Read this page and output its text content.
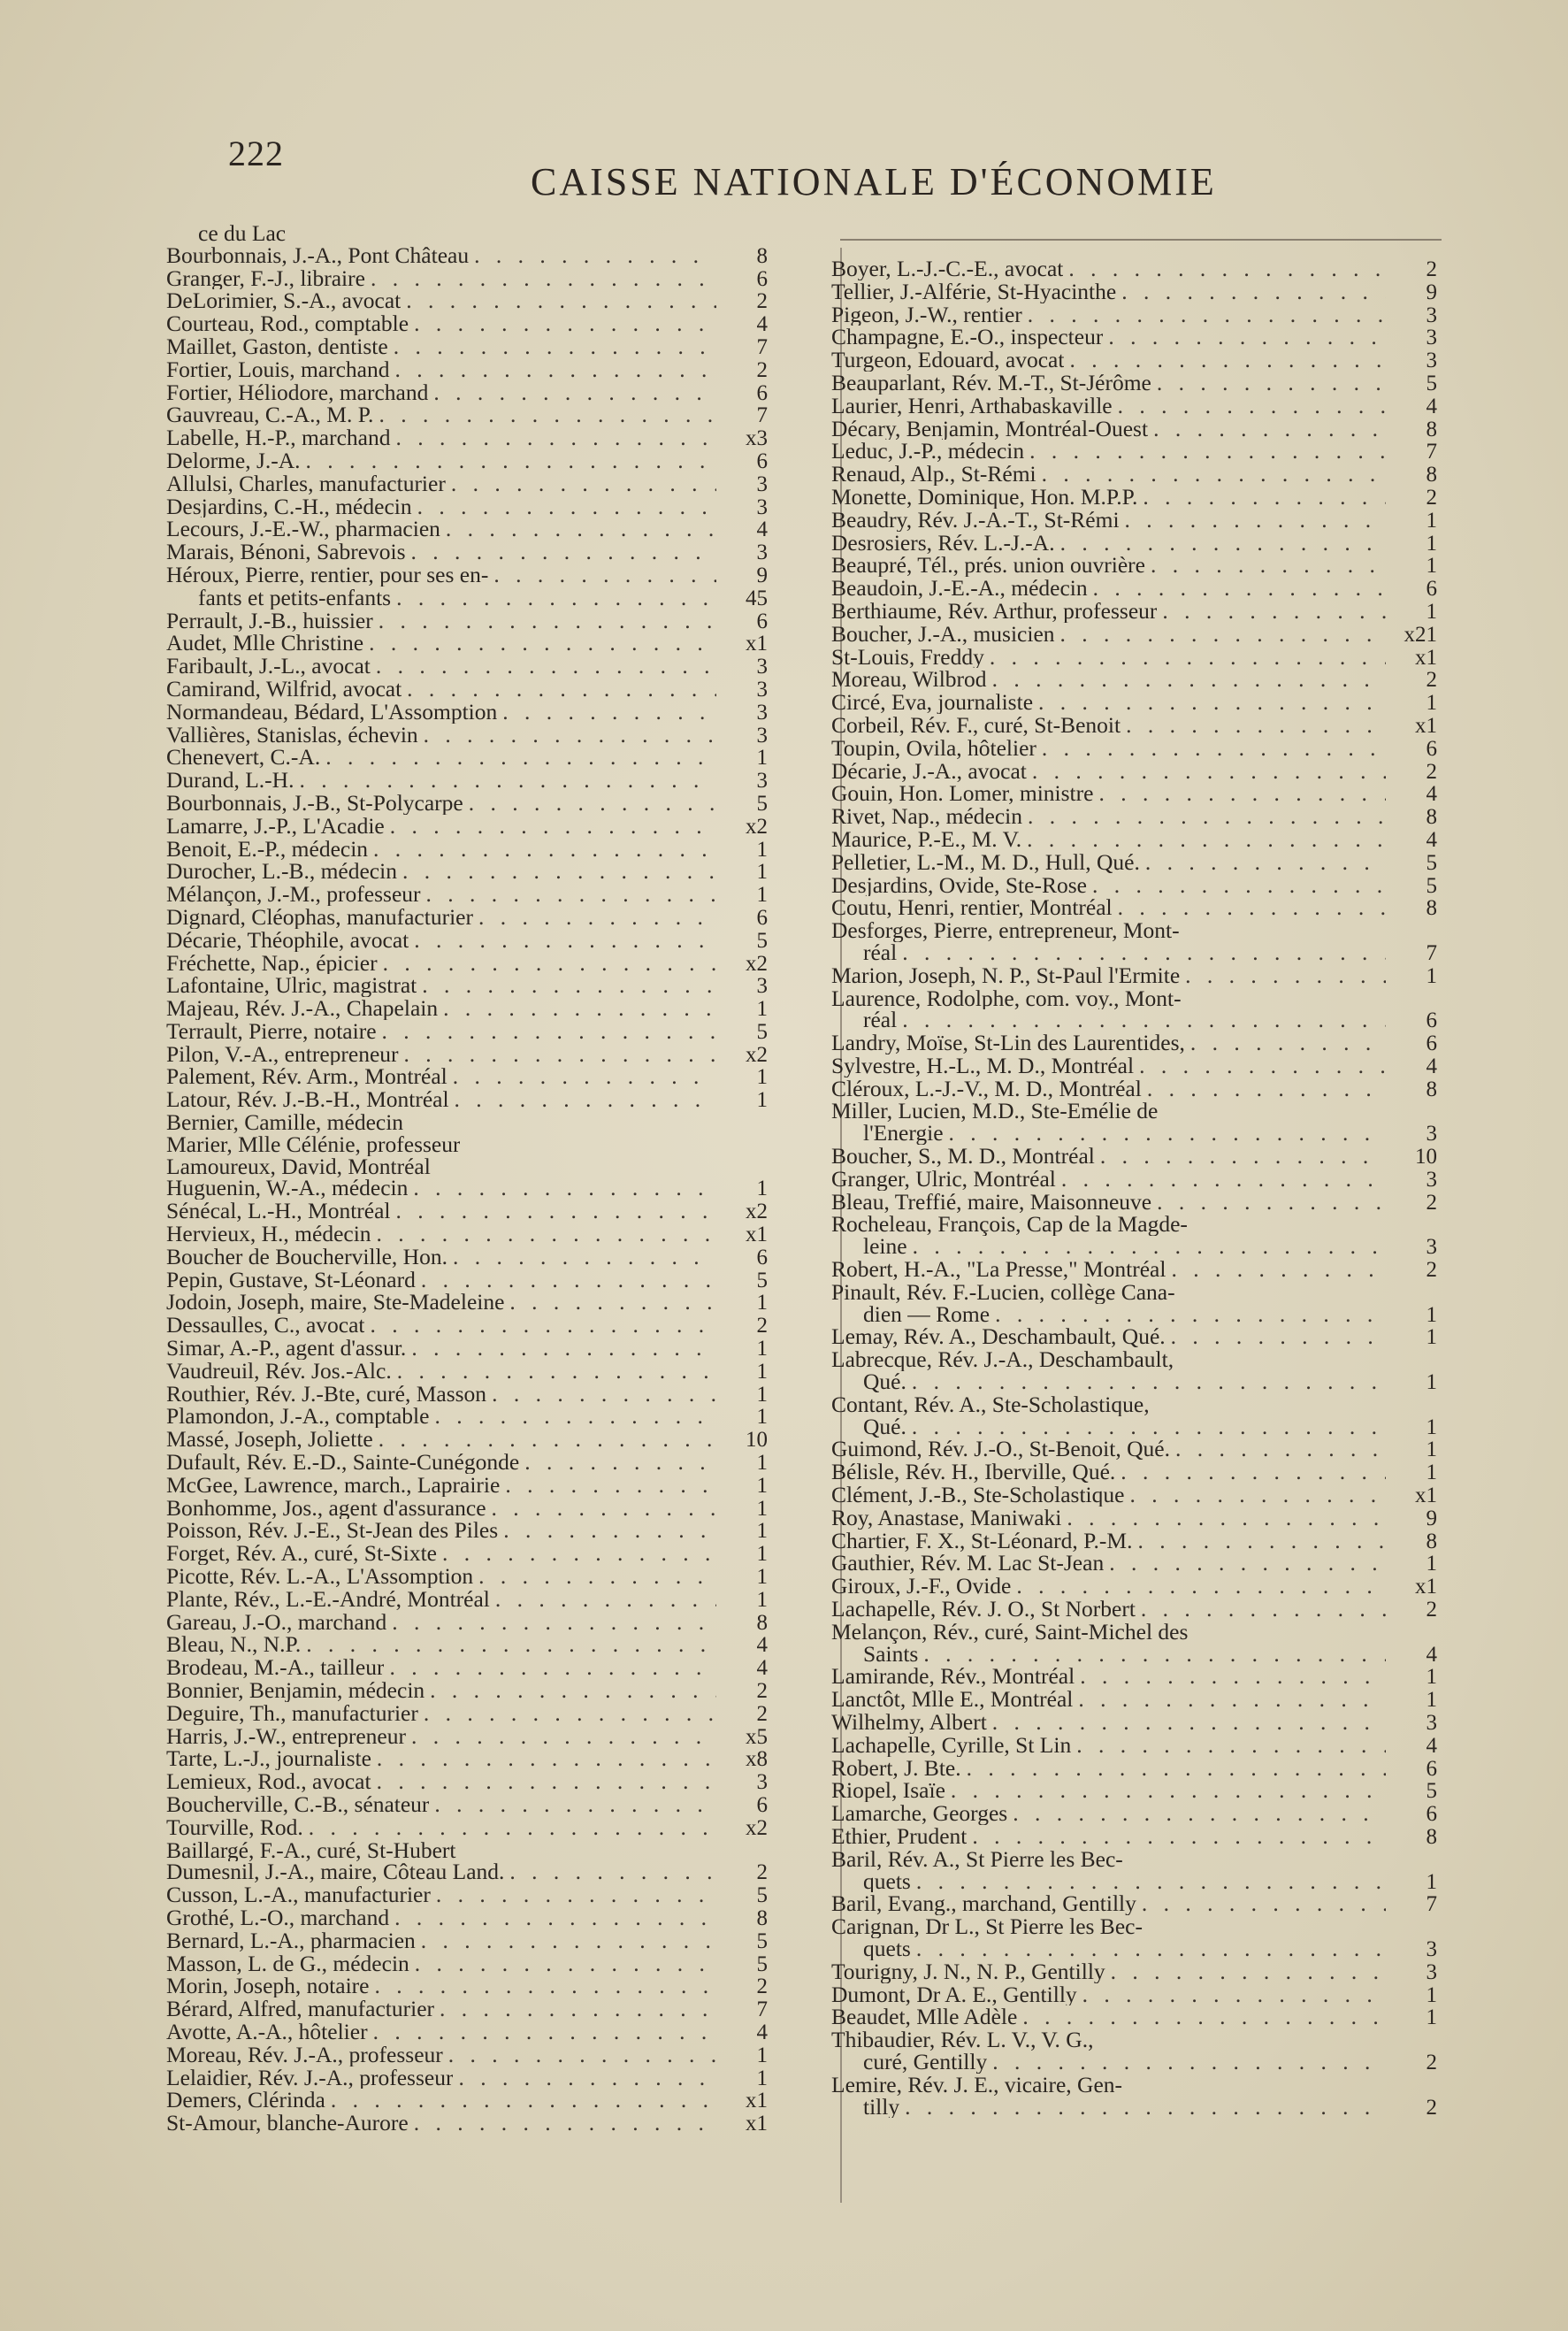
222
CAISSE NATIONALE D'ÉCONOMIE
ce du Lac
Bourbonnais, J.-A., Pont Château . . .	8
Granger, F.-J., libraire . . .	6
DeLorimier, S.-A., avocat . . .	2
Courteau, Rod., comptable . . .	4
Maillet, Gaston, dentiste . . .	7
Fortier, Louis, marchand . . .	2
Fortier, Héliodore, marchand . . .	6
Gauvreau, C.-A., M. P. . . .	7
Labelle, H.-P., marchand . . .	x3
Delorme, J.-A. . . .	6
Allulsi, Charles, manufacturier . . .	3
Desjardins, C.-H., médecin . . .	3
Lecours, J.-E.-W., pharmacien . . .	4
Marais, Bénoni, Sabrevois . . .	3
Héroux, Pierre, rentier, pour ses en- . . .	9
fants et petits-enfants . . .	45
Perrault, J.-B., huissier . . .	6
Audet, Mlle Christine . . .	x1
Faribault, J.-L., avocat . . .	3
Camirand, Wilfrid, avocat . . .	3
Normandeau, Bédard, L'Assomption . . .	3
Vallières, Stanislas, échevin . . .	3
Chenevert, C.-A. . . .	1
Durand, L.-H. . . .	3
Bourbonnais, J.-B., St-Polycarpe . . .	5
Lamarre, J.-P., L'Acadie . . .	x2
Benoit, E.-P., médecin . . .	1
Durocher, L.-B., médecin . . .	1
Mélançon, J.-M., professeur . . .	1
Dignard, Cléophas, manufacturier . . .	6
Décarie, Théophile, avocat . . .	5
Fréchette, Nap., épicier . . .	x2
Lafontaine, Ulric, magistrat . . .	3
Majeau, Rév. J.-A., Chapelain . . .	1
Terrault, Pierre, notaire . . .	5
Pilon, V.-A., entrepreneur . . .	x2
Palement, Rév. Arm., Montréal . . .	1
Latour, Rév. J.-B.-H., Montréal . . .	1
Bernier, Camille, médecin
Marier, Mlle Célénie, professeur
Lamoureux, David, Montréal
Huguenin, W.-A., médecin . . .	1
Sénécal, L.-H., Montréal . . .	x2
Hervieux, H., médecin . . .	x1
Boucher de Boucherville, Hon. . . .	6
Pepin, Gustave, St-Léonard . . .	5
Jodoin, Joseph, maire, Ste-Madeleine . . .	1
Dessaulles, C., avocat . . .	2
Simar, A.-P., agent d'assur. . . .	1
Vaudreuil, Rév. Jos.-Alc. . . .	1
Routhier, Rév. J.-Bte, curé, Masson . . .	1
Plamondon, J.-A., comptable . . .	1
Massé, Joseph, Joliette . . .	10
Dufault, Rév. E.-D., Sainte-Cunégonde . . .	1
McGee, Lawrence, march., Laprairie . . .	1
Bonhomme, Jos., agent d'assurance . . .	1
Poisson, Rév. J.-E., St-Jean des Piles . . .	1
Forget, Rév. A., curé, St-Sixte . . .	1
Picotte, Rév. L.-A., L'Assomption . . .	1
Plante, Rév., L.-E.-André, Montréal . . .	1
Gareau, J.-O., marchand . . .	8
Bleau, N., N.P. . . .	4
Brodeau, M.-A., tailleur . . .	4
Bonnier, Benjamin, médecin . . .	2
Deguire, Th., manufacturier . . .	2
Harris, J.-W., entrepreneur . . .	x5
Tarte, L.-J., journaliste . . .	x8
Lemieux, Rod., avocat . . .	3
Boucherville, C.-B., sénateur . . .	6
Tourville, Rod. . . .	x2
Baillargé, F.-A., curé, St-Hubert
Dumesnil, J.-A., maire, Côteau Land. . . .	2
Cusson, L.-A., manufacturier . . .	5
Grothé, L.-O., marchand . . .	8
Bernard, L.-A., pharmacien . . .	5
Masson, L. de G., médecin . . .	5
Morin, Joseph, notaire . . .	2
Bérard, Alfred, manufacturier . . .	7
Avotte, A.-A., hôtelier . . .	4
Moreau, Rév. J.-A., professeur . . .	1
Lelaidier, Rév. J.-A., professeur . . .	1
Demers, Clérinda . . .	x1
St-Amour, blanche-Aurore . . .	x1
Boyer, L.-J.-C.-E., avocat . . .	2
Tellier, J.-Alférie, St-Hyacinthe . . .	9
Pigeon, J.-W., rentier . . .	3
Champagne, E.-O., inspecteur . . .	3
Turgeon, Edouard, avocat . . .	3
Beauparlant, Rév. M.-T., St-Jérôme . . .	5
Laurier, Henri, Arthabaskaville . . .	4
Décary, Benjamin, Montréal-Ouest . . .	8
Leduc, J.-P., médecin . . .	7
Renaud, Alp., St-Rémi . . .	8
Monette, Dominique, Hon. M.P.P. . . .	2
Beaudry, Rév. J.-A.-T., St-Rémi . . .	1
Desrosiers, Rév. L.-J.-A. . . .	1
Beaupré, Tél., prés. union ouvrière . . .	1
Beaudoin, J.-E.-A., médecin . . .	6
Berthiaume, Rév. Arthur, professeur . . .	1
Boucher, J.-A., musicien . . .	x21
St-Louis, Freddy . . .	x1
Moreau, Wilbrod . . .	2
Circé, Eva, journaliste . . .	1
Corbeil, Rév. F., curé, St-Benoit . . .	x1
Toupin, Ovila, hôtelier . . .	6
Décarie, J.-A., avocat . . .	2
Gouin, Hon. Lomer, ministre . . .	4
Rivet, Nap., médecin . . .	8
Maurice, P.-E., M. V. . . .	4
Pelletier, L.-M., M. D., Hull, Qué. . . .	5
Desjardins, Ovide, Ste-Rose . . .	5
Coutu, Henri, rentier, Montréal . . .	8
Desforges, Pierre, entrepreneur, Mont-
réal . . .	7
Marion, Joseph, N. P., St-Paul l'Ermite . . .	1
Laurence, Rodolphe, com. voy., Mont-
réal . . .	6
Landry, Moïse, St-Lin des Laurentides, . . .	6
Sylvestre, H.-L., M. D., Montréal . . .	4
Cléroux, L.-J.-V., M. D., Montréal . . .	8
Miller, Lucien, M.D., Ste-Emélie de
l'Energie . . .	3
Boucher, S., M. D., Montréal . . .	10
Granger, Ulric, Montréal . . .	3
Bleau, Treffié, maire, Maisonneuve . . .	2
Rocheleau, François, Cap de la Magde-
leine . . .	3
Robert, H.-A., "La Presse," Montréal . . .	2
Pinault, Rév. F.-Lucien, collège Cana-
dien — Rome . . .	1
Lemay, Rév. A., Deschambault, Qué. . . .	1
Labrecque, Rév. J.-A., Deschambault,
Qué. . . .	1
Contant, Rév. A., Ste-Scholastique,
Qué. . . .	1
Guimond, Rév. J.-O., St-Benoit, Qué. . . .	1
Bélisle, Rév. H., Iberville, Qué. . . .	1
Clément, J.-B., Ste-Scholastique . . .	x1
Roy, Anastase, Maniwaki . . .	9
Chartier, F. X., St-Léonard, P.-M. . . .	8
Gauthier, Rév. M. Lac St-Jean . . .	1
Giroux, J.-F., Ovide . . .	x1
Lachapelle, Rév. J. O., St Norbert . . .	2
Melançon, Rév., curé, Saint-Michel des
Saints . . .	4
Lamirande, Rév., Montréal . . .	1
Lanctôt, Mlle E., Montréal . . .	1
Wilhelmy, Albert . . .	3
Lachapelle, Cyrille, St Lin . . .	4
Robert, J. Bte. . . .	6
Riopel, Isaïe . . .	5
Lamarche, Georges . . .	6
Ethier, Prudent . . .	8
Baril, Rév. A., St Pierre les Bec-
quets . . .	1
Baril, Evang., marchand, Gentilly . . .	7
Carignan, Dr L., St Pierre les Bec-
quets . . .	3
Tourigny, J. N., N. P., Gentilly . . .	3
Dumont, Dr A. E., Gentilly . . .	1
Beaudet, Mlle Adèle . . .	1
Thibaudier, Rév. L. V., V. G.,
curé, Gentilly . . .	2
Lemire, Rév. J. E., vicaire, Gen-
tilly . . .	2
